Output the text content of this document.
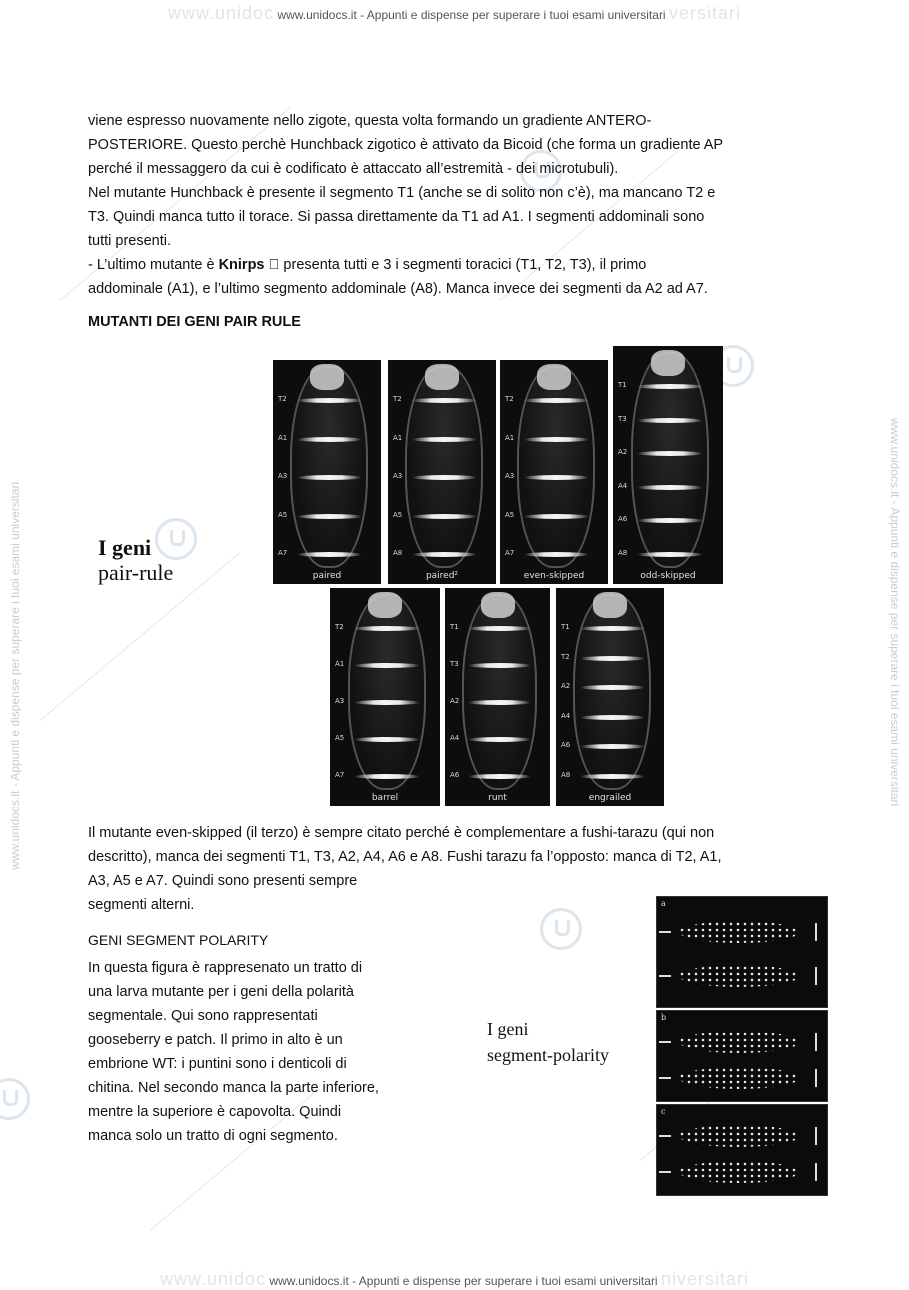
www.unidoc www.unidocs.it - Appunti e dispense per superare i tuoi esami universitari versitari
www.unidoc www.unidocs.it - Appunti e dispense per superare i tuoi esami universitari niversitari
www.unidocs.it - Appunti e dispense per superare i tuoi esami universitari	www.unidocs.it - Appunti e dispense per superare i tuoi esami universitari

viene espresso nuovamente nello zigote, questa volta formando un gradiente ANTERO-

POSTERIORE. Questo perchè Hunchback zigotico è attivato da Bicoid (che forma un gradiente AP

perché il messaggero da cui è codificato è attaccato all’estremità - dei microtubuli).

Nel mutante Hunchback è presente il segmento T1 (anche se di solito non c’è), ma mancano T2 e

T3. Quindi manca tutto il torace. Si passa direttamente da T1 ad A1. I segmenti addominali sono

tutti presenti.

- L’ultimo mutante è Knirps   presenta tutti e 3 i segmenti toracici (T1, T2, T3), il primo

addominale (A1), e l’ultimo segmento addominale (A8). Manca invece dei segmenti da A2 ad A7.

MUTANTI DEI GENI PAIR RULE
I geni
pair-rule
T2
A1
A3
A5
A7
paired
T2
A1
A3
A5
A8
paired²
T2
A1
A3
A5
A7
even-skipped
T1
T3
A2
A4
A6
A8
odd-skipped
T2
A1
A3
A5
A7
barrel
T1
T3
A2
A4
A6
runt
T1
T2
A2
A4
A6
A8
engrailed

Il mutante even-skipped (il terzo) è sempre citato perché è complementare a fushi-tarazu (qui non

descritto), manca dei segmenti T1, T3, A2, A4, A6 e A8. Fushi tarazu fa l’opposto: manca di T2, A1,

A3, A5 e A7. Quindi sono presenti sempre

segmenti alterni.

GENI SEGMENT POLARITY

In questa figura è rappresenato un tratto di

una larva mutante per i geni della polarità

segmentale. Qui sono rappresentati

gooseberry e patch. Il primo in alto è un

embrione WT: i puntini sono i denticoli di

chitina. Nel secondo manca la parte inferiore,

mentre la superiore è capovolta. Quindi

manca solo un tratto di ogni segmento.

I geni
segment-polarity
a
b
c
